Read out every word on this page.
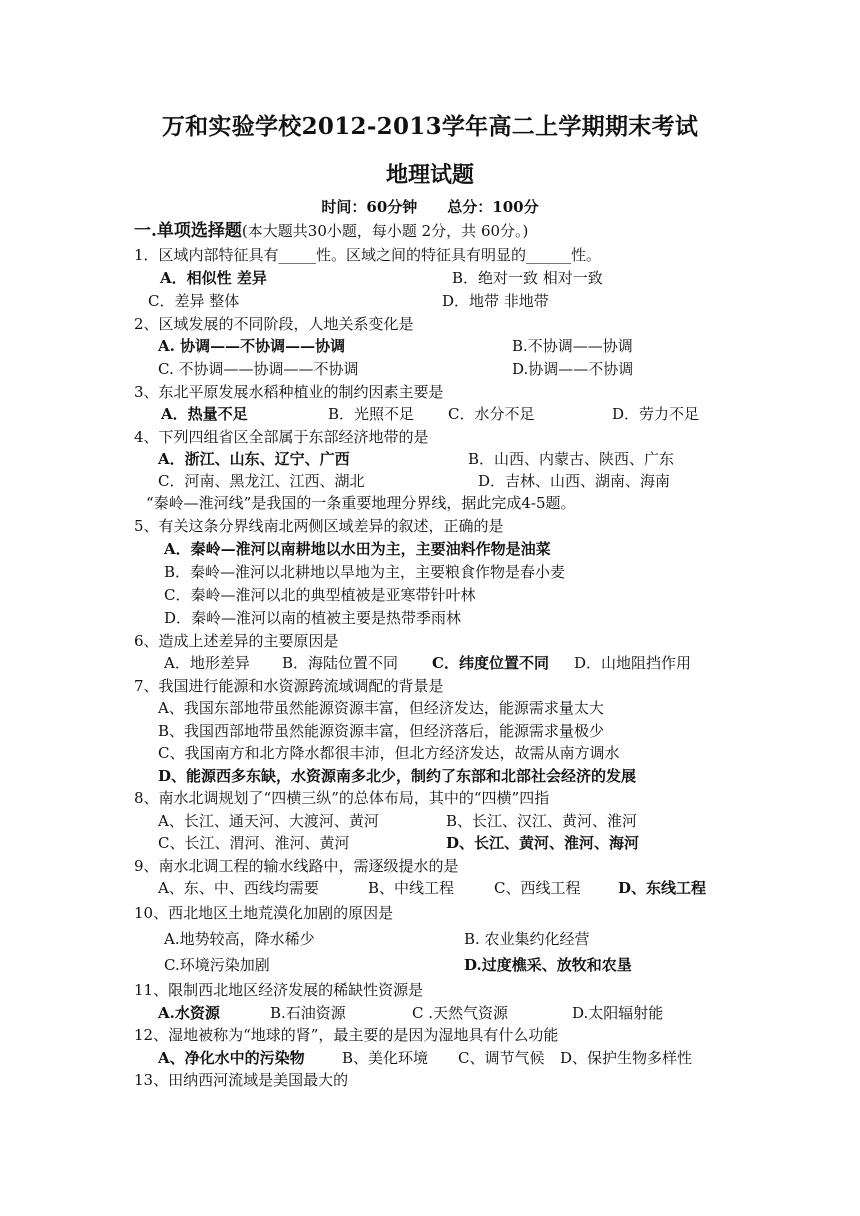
万和实验学校2012-2013学年高二上学期期末考试
地理试题
时间：60分钟 总分：100分
一.单项选择题(本大题共30小题，每小题 2分，共 60分。)
1．区域内部特征具有_____性。区域之间的特征具有明显的______性。
A．相似性 差异	B．绝对一致 相对一致
C．差异 整体	D．地带 非地带
2、区域发展的不同阶段，人地关系变化是
A. 协调——不协调——协调	B.不协调——协调
C. 不协调——协调——不协调	D.协调——不协调
3、东北平原发展水稻种植业的制约因素主要是
A．热量不足	B．光照不足 C．水分不足	D．劳力不足
4、下列四组省区全部属于东部经济地带的是
A．浙江、山东、辽宁、广西	B．山西、内蒙古、陕西、广东
C．河南、黑龙江、江西、湖北	D．吉林、山西、湖南、海南
“秦岭—淮河线”是我国的一条重要地理分界线，据此完成4-5题。
5、有关这条分界线南北两侧区域差异的叙述，正确的是
A．秦岭—淮河以南耕地以水田为主，主要油料作物是油菜
B．秦岭—淮河以北耕地以旱地为主，主要粮食作物是春小麦
C．秦岭—淮河以北的典型植被是亚寒带针叶林
D．秦岭—淮河以南的植被主要是热带季雨林
6、造成上述差异的主要原因是
A．地形差异 B．海陆位置不同 C．纬度位置不同 D．山地阻挡作用
7、我国进行能源和水资源跨流域调配的背景是
A、我国东部地带虽然能源资源丰富，但经济发达，能源需求量太大
B、我国西部地带虽然能源资源丰富，但经济落后，能源需求量极少
C、我国南方和北方降水都很丰沛，但北方经济发达，故需从南方调水
D、能源西多东缺，水资源南多北少，制约了东部和北部社会经济的发展
8、南水北调规划了“四横三纵”的总体布局，其中的“四横”四指
A、长江、通天河、大渡河、黄河	B、长江、汉江、黄河、淮河
C、长江、渭河、淮河、黄河	D、长江、黄河、淮河、海河
9、南水北调工程的输水线路中，需逐级提水的是
A、东、中、西线均需要	B、中线工程	C、西线工程	D、东线工程
10、西北地区土地荒漠化加剧的原因是
A.地势较高，降水稀少	B. 农业集约化经营
C.环境污染加剧	D.过度樵采、放牧和农垦
11、限制西北地区经济发展的稀缺性资源是
A.水资源	B.石油资源	C .天然气资源	D.太阳辐射能
12、湿地被称为“地球的肾”，最主要的是因为湿地具有什么功能
A、净化水中的污染物 B、美化环境 C、调节气候 D、保护生物多样性
13、田纳西河流域是美国最大的
